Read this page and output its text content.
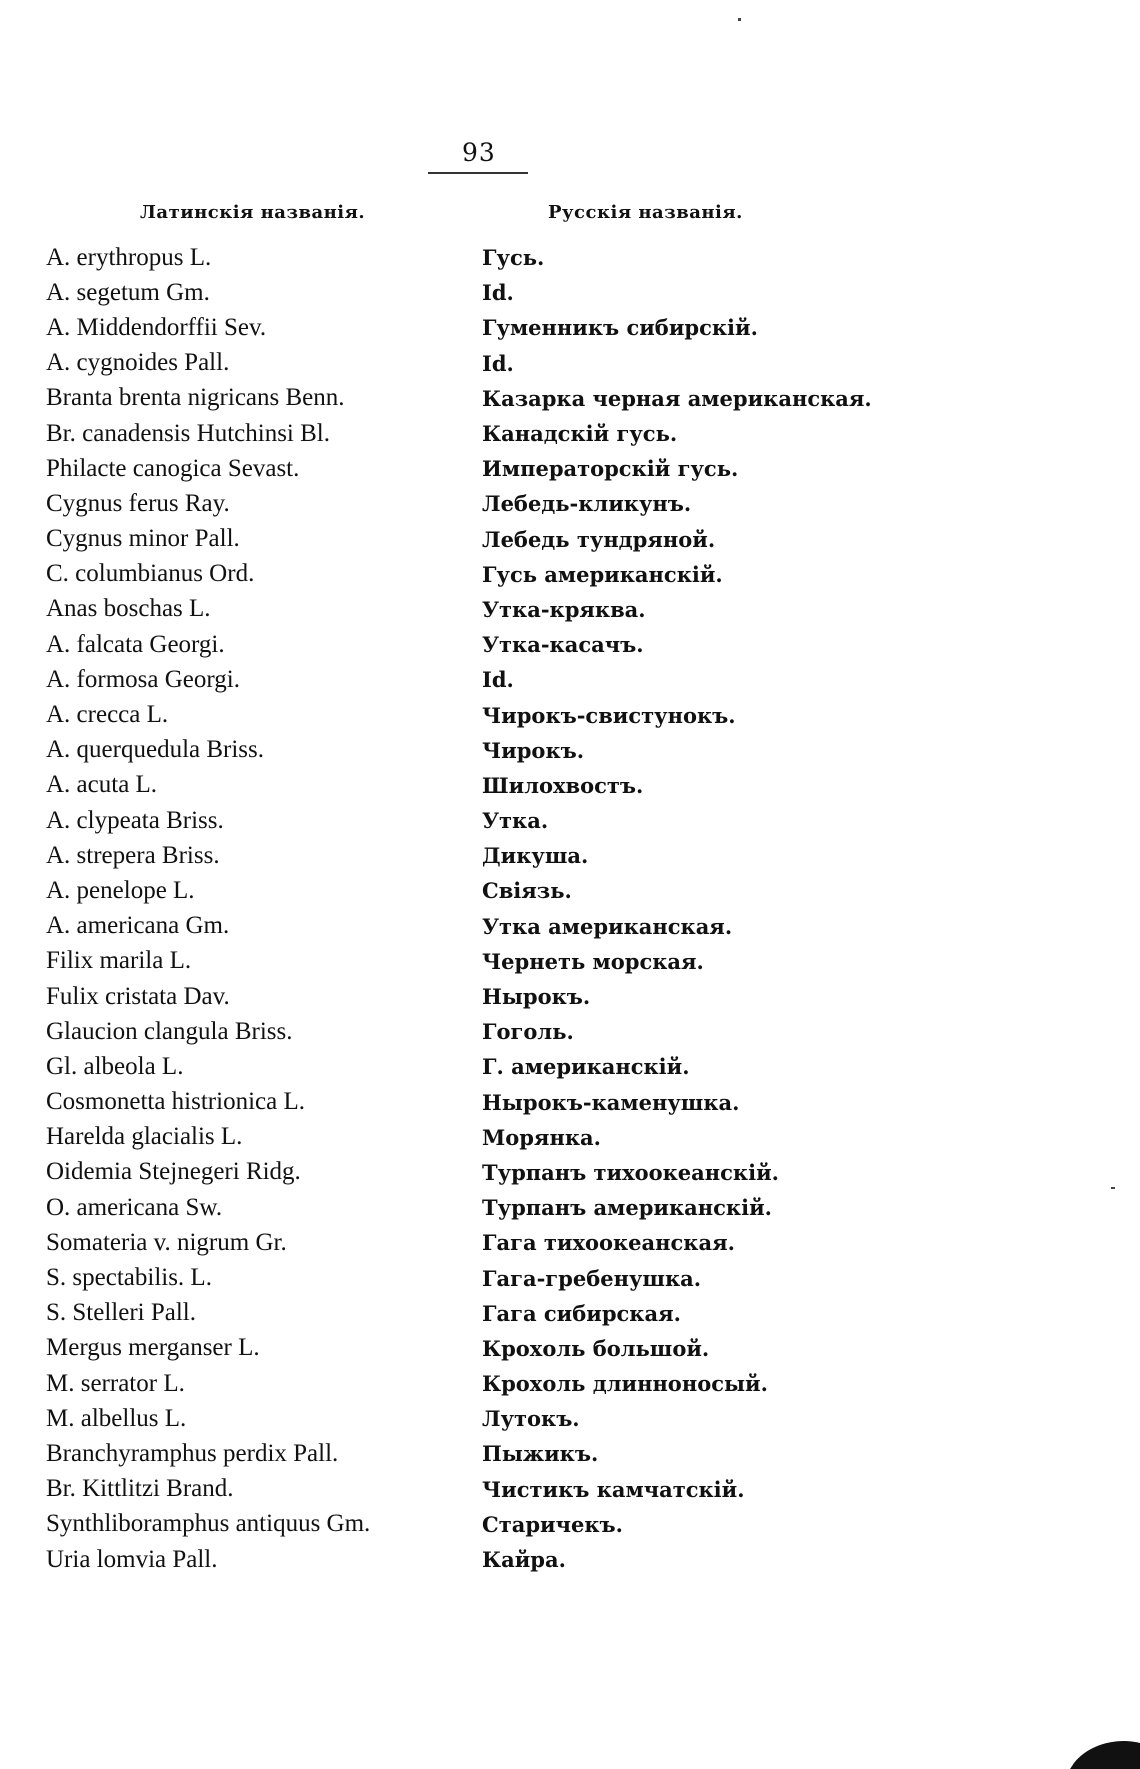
93
Латинскія названія.	Русскія названія.
A. erythropus L.	Гусь.
A. segetum Gm.	Id.
A. Middendorffii Sev.	Гуменникъ сибирскій.
A. cygnoides Pall.	Id.
Branta brenta nigricans Benn.	Казарка черная американская.
Br. canadensis Hutchinsi Bl.	Канадскій гусь.
Philacte canogica Sevast.	Императорскій гусь.
Cygnus ferus Ray.	Лебедь-кликунъ.
Cygnus minor Pall.	Лебедь тундряной.
C. columbianus Ord.	Гусь американскій.
Anas boschas L.	Утка-кряква.
A. falcata Georgi.	Утка-касачъ.
A. formosa Georgi.	Id.
A. crecca L.	Чирокъ-свистунокъ.
A. querquedula Briss.	Чирокъ.
A. acuta L.	Шилохвостъ.
A. clypeata Briss.	Утка.
A. strepera Briss.	Дикуша.
A. penelope L.	Свіязь.
A. americana Gm.	Утка американская.
Filix marila L.	Чернеть морская.
Fulix cristata Dav.	Нырокъ.
Glaucion clangula Briss.	Гоголь.
Gl. albeola L.	Г. американскій.
Cosmonetta histrionica L.	Нырокъ-каменушка.
Harelda glacialis L.	Морянка.
Oidemia Stejnegeri Ridg.	Турпанъ тихоокеанскій.
O. americana Sw.	Турпанъ американскій.
Somateria v. nigrum Gr.	Гага тихоокеанская.
S. spectabilis. L.	Гага-гребенушка.
S. Stelleri Pall.	Гага сибирская.
Mergus merganser L.	Крохоль большой.
M. serrator L.	Крохоль длинноносый.
M. albellus L.	Лутокъ.
Branchyramphus perdix Pall.	Пыжикъ.
Br. Kittlitzi Brand.	Чистикъ камчатскій.
Synthliboramphus antiquus Gm.	Старичекъ.
Uria lomvia Pall.	Кайра.
